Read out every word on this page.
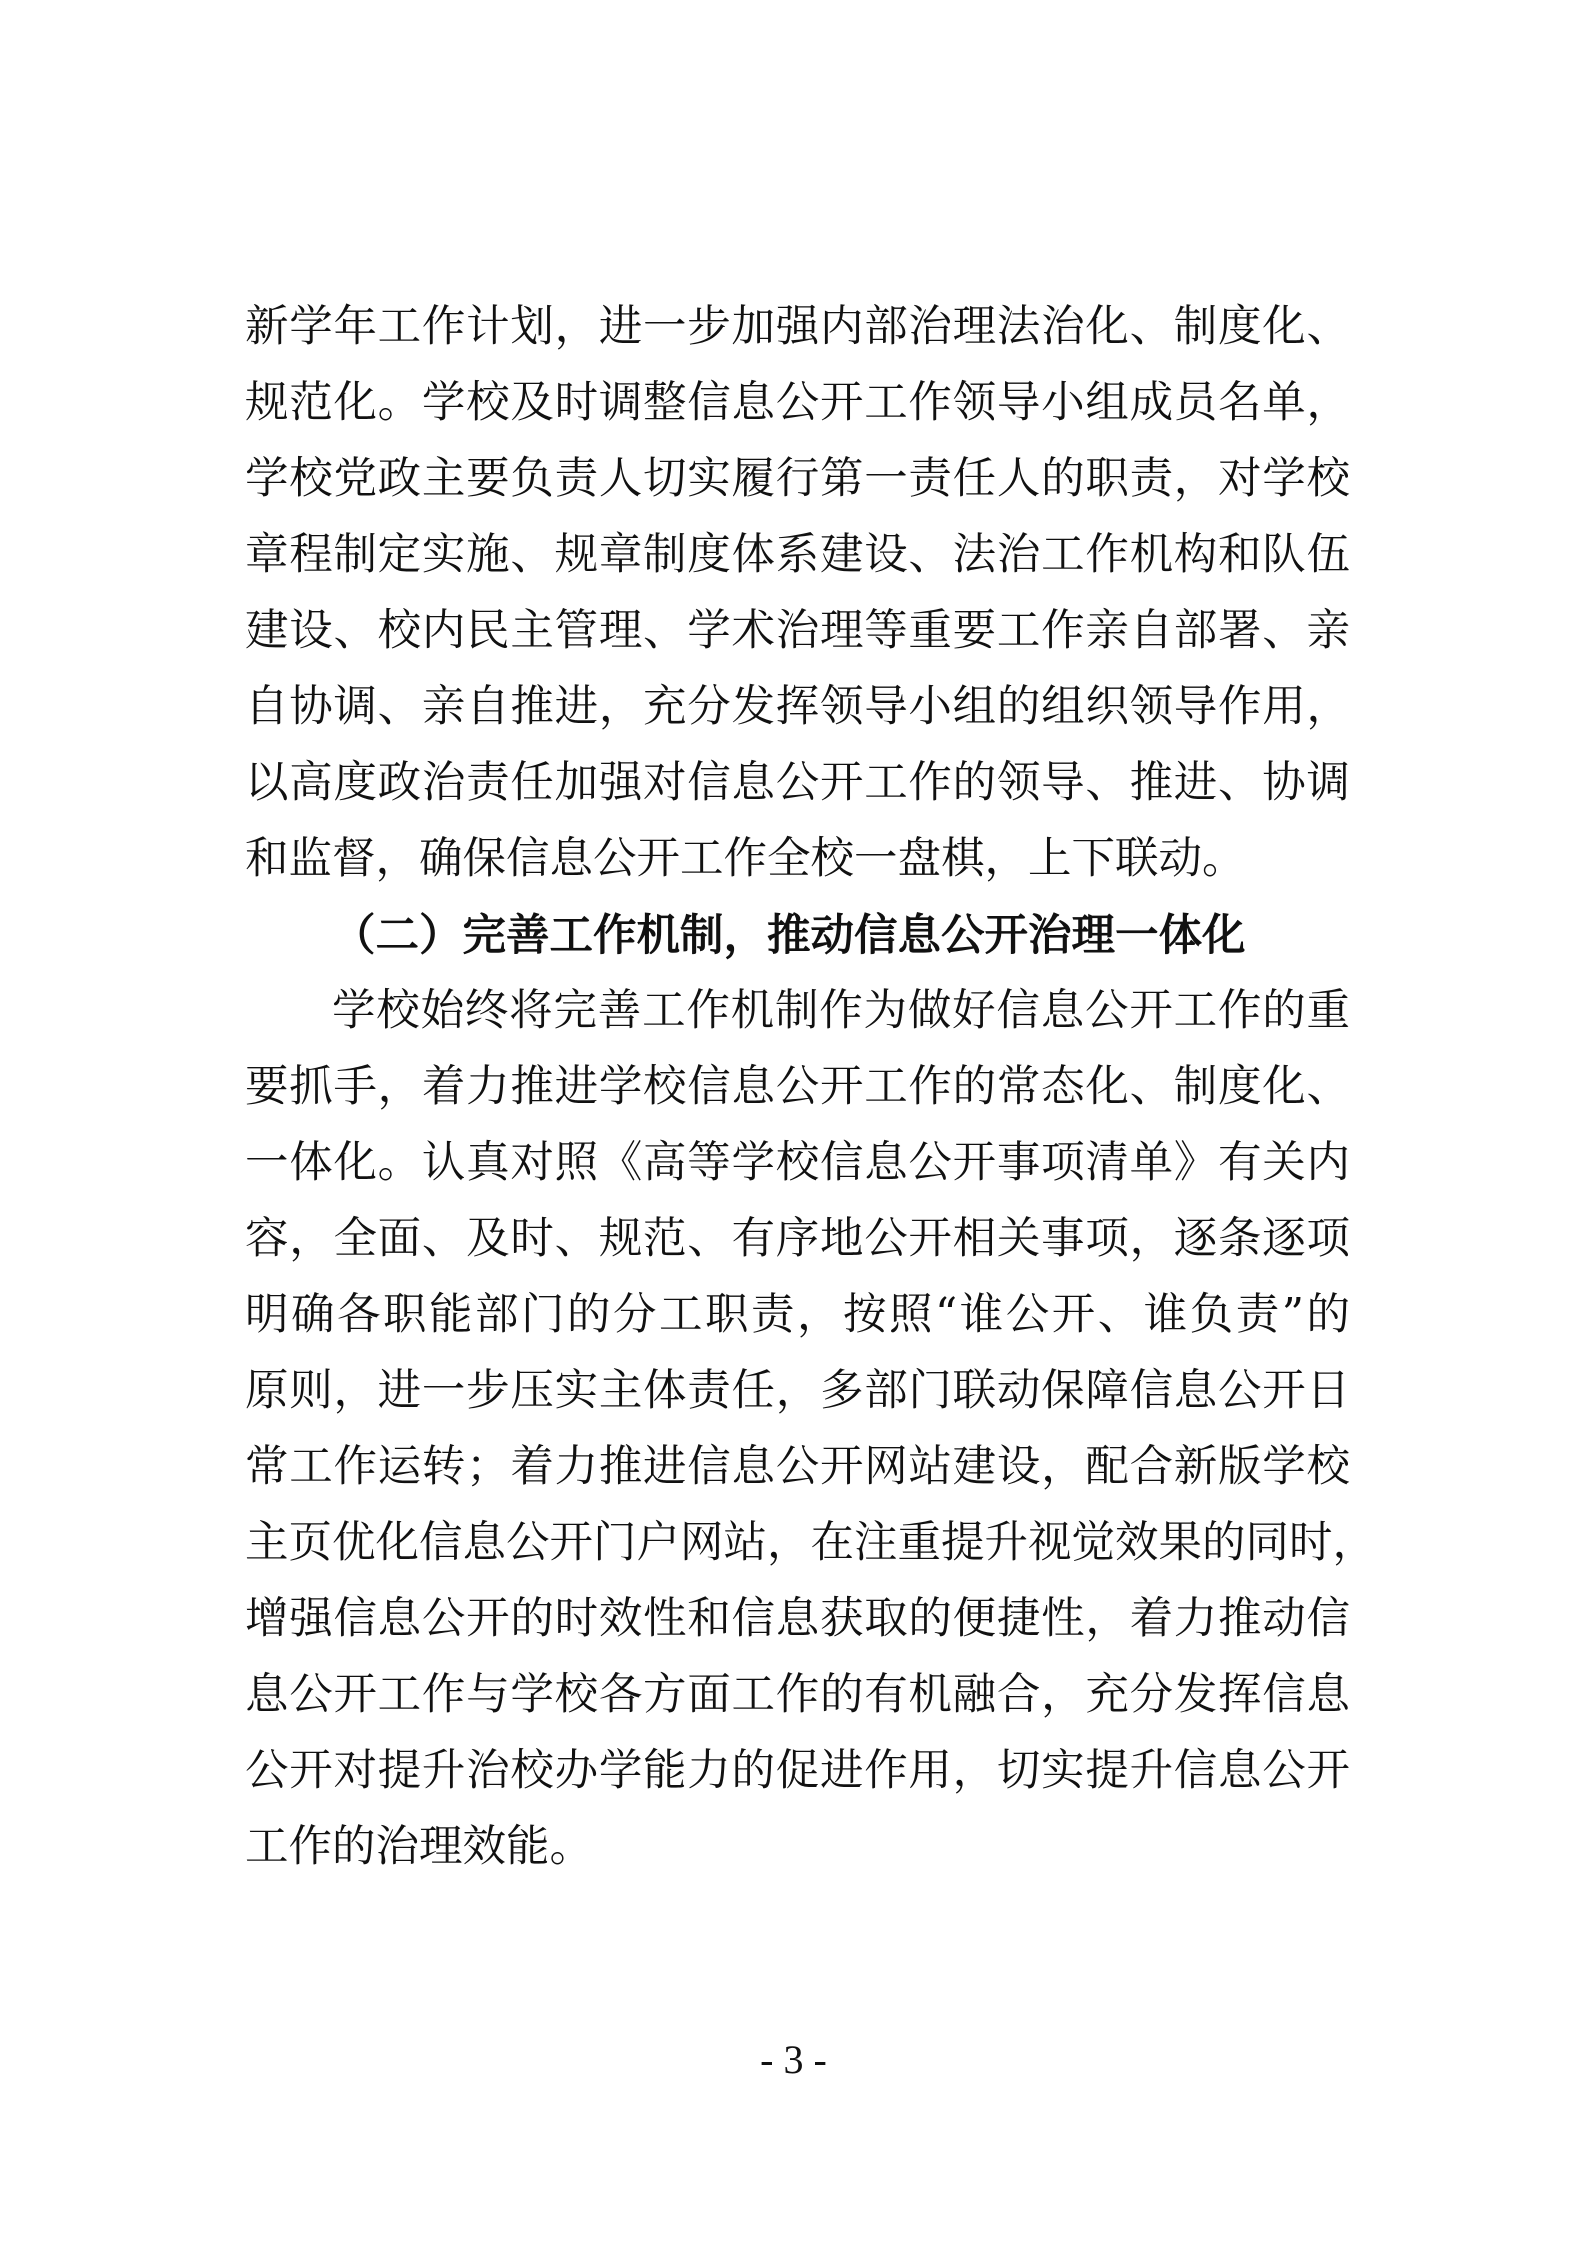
新学年工作计划，进一步加强内部治理法治化、制度化、
规范化。学校及时调整信息公开工作领导小组成员名单，
学校党政主要负责人切实履行第一责任人的职责，对学校
章程制定实施、规章制度体系建设、法治工作机构和队伍
建设、校内民主管理、学术治理等重要工作亲自部署、亲
自协调、亲自推进，充分发挥领导小组的组织领导作用，
以高度政治责任加强对信息公开工作的领导、推进、协调
和监督，确保信息公开工作全校一盘棋，上下联动。
（二）完善工作机制，推动信息公开治理一体化
学校始终将完善工作机制作为做好信息公开工作的重
要抓手，着力推进学校信息公开工作的常态化、制度化、
一体化。认真对照《高等学校信息公开事项清单》有关内
容，全面、及时、规范、有序地公开相关事项，逐条逐项
明确各职能部门的分工职责，按照“谁公开、谁负责”的
原则，进一步压实主体责任，多部门联动保障信息公开日
常工作运转；着力推进信息公开网站建设，配合新版学校
主页优化信息公开门户网站，在注重提升视觉效果的同时，
增强信息公开的时效性和信息获取的便捷性，着力推动信
息公开工作与学校各方面工作的有机融合，充分发挥信息
公开对提升治校办学能力的促进作用，切实提升信息公开
工作的治理效能。
- 3 -
